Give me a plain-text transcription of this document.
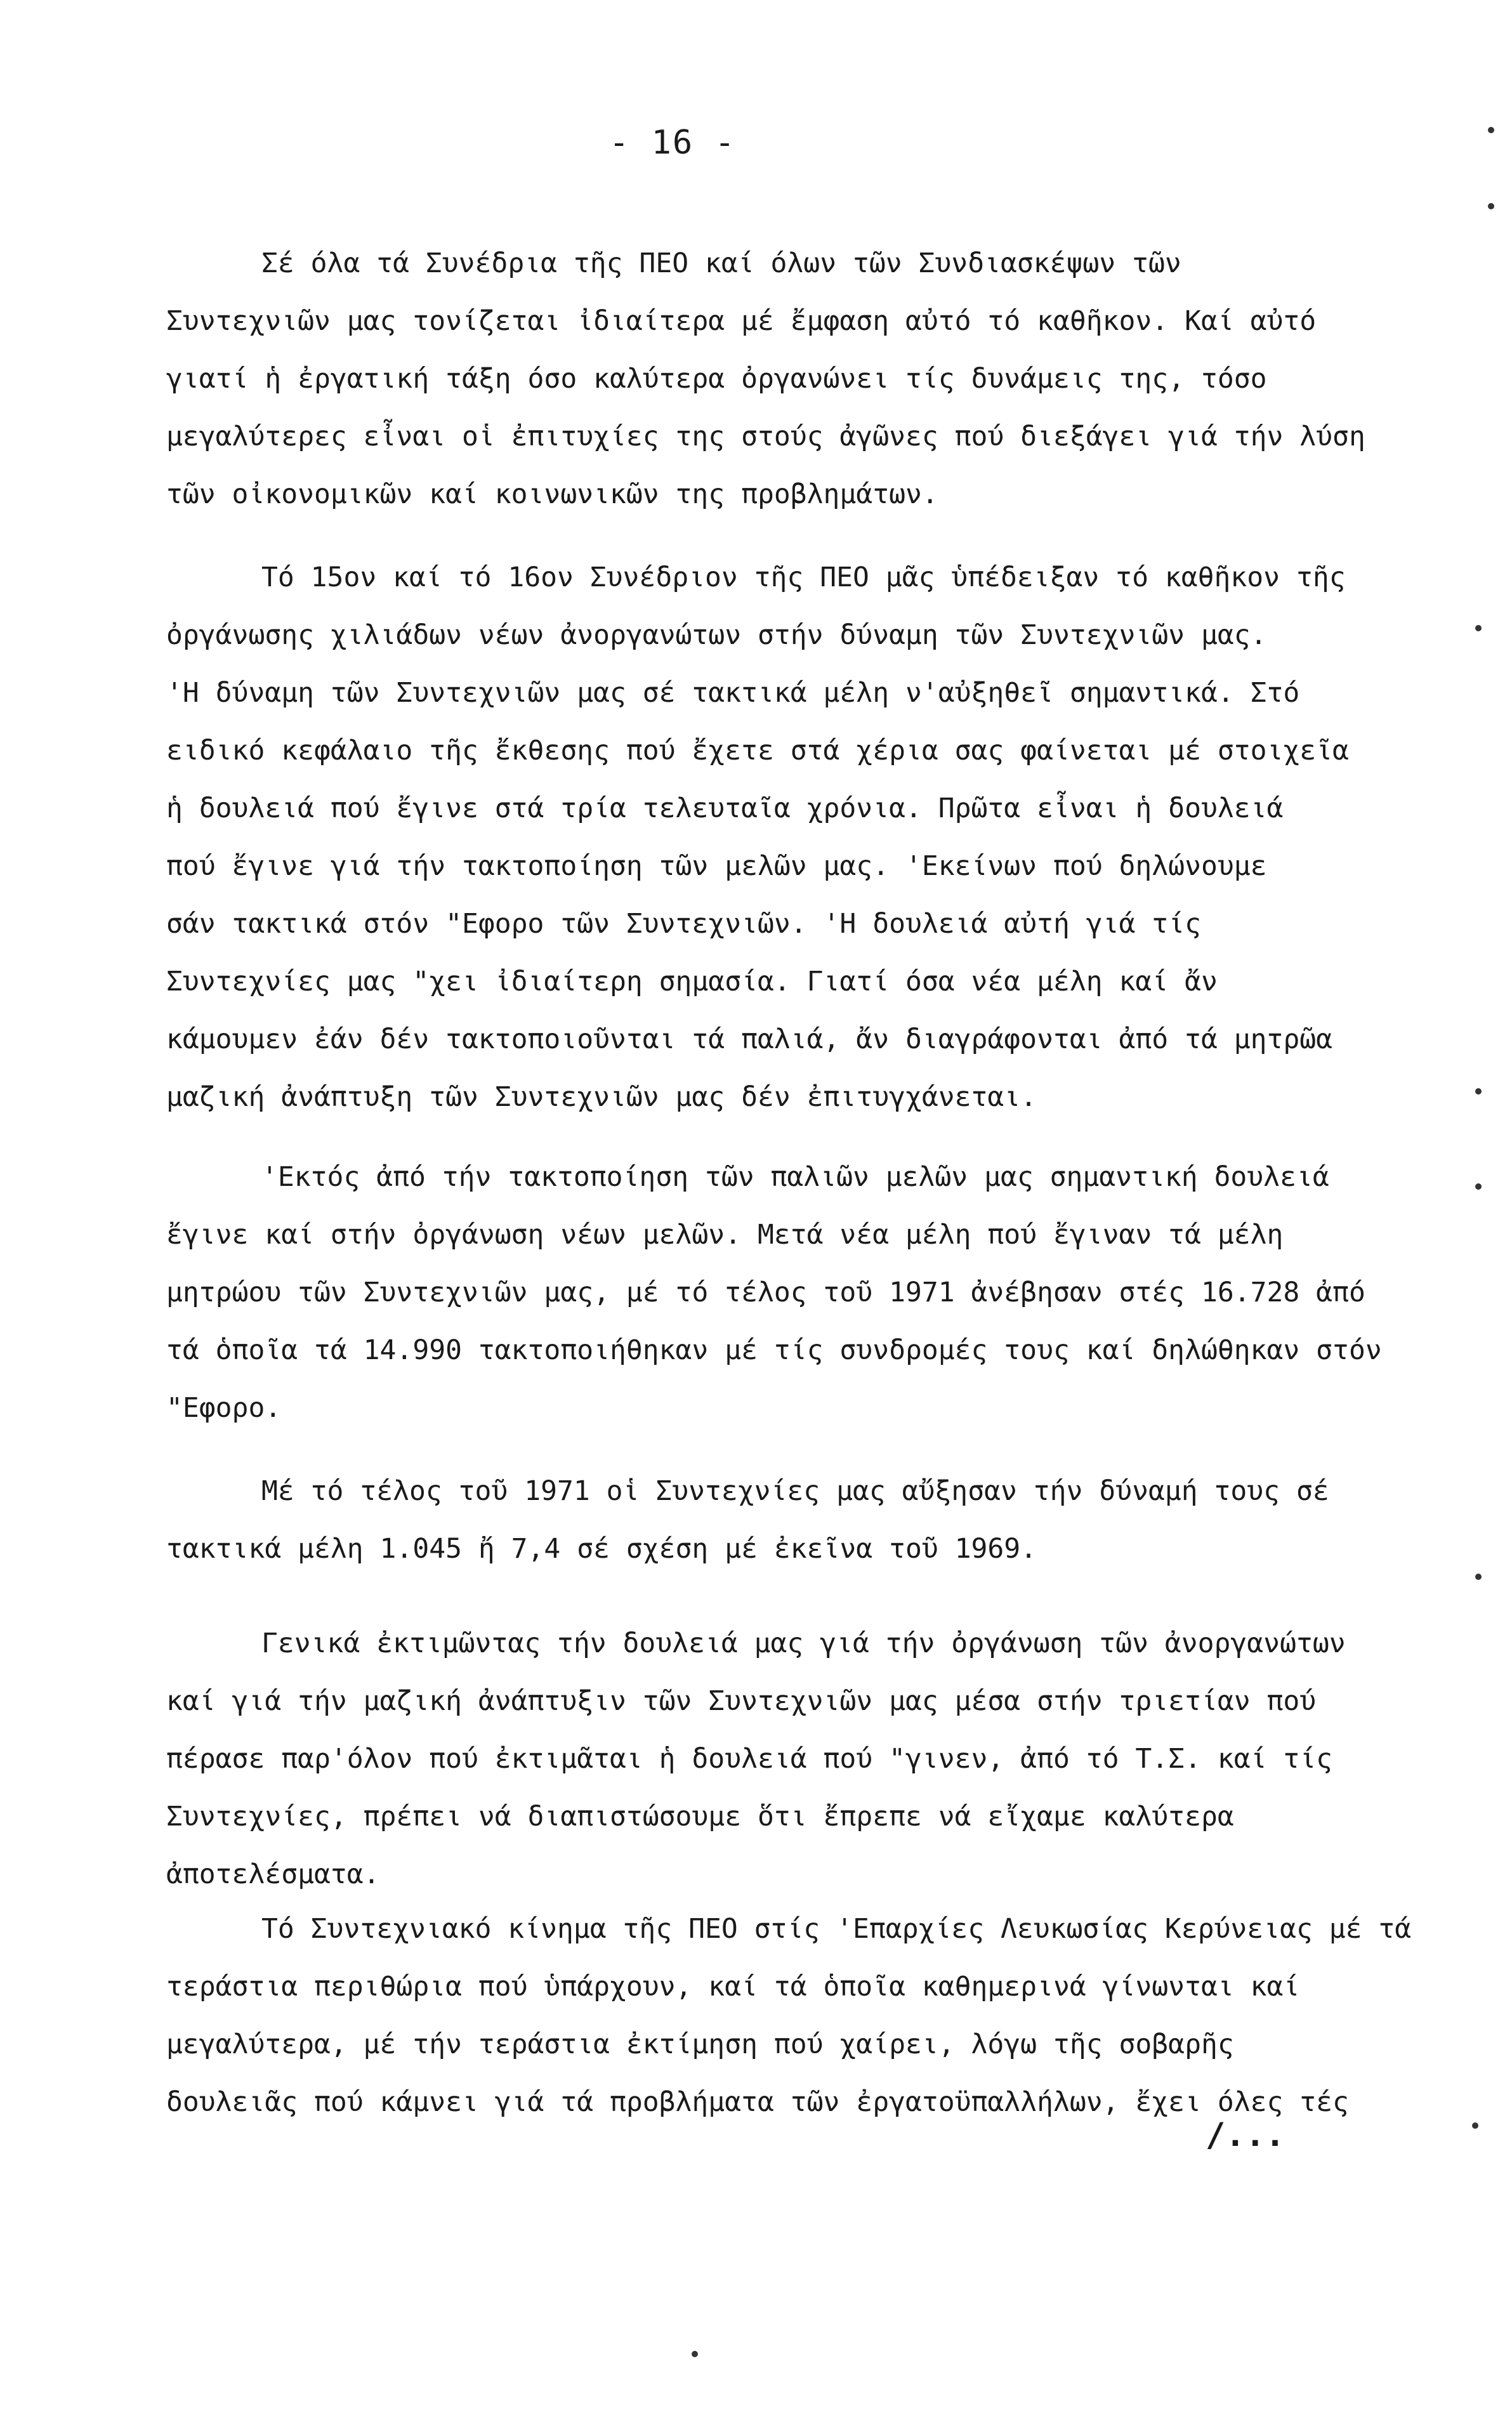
- 16 -
Σέ όλα τά Συνέδρια τῆς ΠΕΟ καί όλων τῶν Συνδιασκέψων τῶν
Συντεχνιῶν μας τονίζεται ἰδιαίτερα μέ ἔμφαση αὐτό τό καθῆκον. Καί αὐτό
γιατί ἡ ἐργατική τάξη όσο καλύτερα ὀργανώνει τίς δυνάμεις της, τόσο
μεγαλύτερες εἶναι οἱ ἐπιτυχίες της στούς ἀγῶνες πού διεξάγει γιά τήν λύση
τῶν οἰκονομικῶν καί κοινωνικῶν της προβλημάτων.
Τό 15ον καί τό 16ον Συνέδριον τῆς ΠΕΟ μᾶς ὑπέδειξαν τό καθῆκον τῆς
ὀργάνωσης χιλιάδων νέων ἀνοργανώτων στήν δύναμη τῶν Συντεχνιῶν μας.
'Η δύναμη τῶν Συντεχνιῶν μας σέ τακτικά μέλη ν'αὐξηθεῖ σημαντικά. Στό
ειδικό κεφάλαιο τῆς ἔκθεσης πού ἔχετε στά χέρια σας φαίνεται μέ στοιχεῖα
ἡ δουλειά πού ἔγινε στά τρία τελευταῖα χρόνια. Πρῶτα εἶναι ἡ δουλειά
πού ἔγινε γιά τήν τακτοποίηση τῶν μελῶν μας. 'Εκείνων πού δηλώνουμε
σάν τακτικά στόν "Εφορο τῶν Συντεχνιῶν. 'Η δουλειά αὐτή γιά τίς
Συντεχνίες μας "χει ἰδιαίτερη σημασία. Γιατί όσα νέα μέλη καί ἄν
κάμουμεν ἐάν δέν τακτοποιοῦνται τά παλιά, ἄν διαγράφονται ἀπό τά μητρῶα
μαζική ἀνάπτυξη τῶν Συντεχνιῶν μας δέν ἐπιτυγχάνεται.
'Εκτός ἀπό τήν τακτοποίηση τῶν παλιῶν μελῶν μας σημαντική δουλειά
ἔγινε καί στήν ὀργάνωση νέων μελῶν. Μετά νέα μέλη πού ἔγιναν τά μέλη
μητρώου τῶν Συντεχνιῶν μας, μέ τό τέλος τοῦ 1971 ἀνέβησαν στές 16.728 ἀπό
τά ὁποῖα τά 14.990 τακτοποιήθηκαν μέ τίς συνδρομές τους καί δηλώθηκαν στόν
"Εφορο.
Μέ τό τέλος τοῦ 1971 οἱ Συντεχνίες μας αὔξησαν τήν δύναμή τους σέ
τακτικά μέλη 1.045 ἤ 7,4 σέ σχέση μέ ἐκεῖνα τοῦ 1969.
Γενικά ἐκτιμῶντας τήν δουλειά μας γιά τήν ὀργάνωση τῶν ἀνοργανώτων
καί γιά τήν μαζική ἀνάπτυξιν τῶν Συντεχνιῶν μας μέσα στήν τριετίαν πού
πέρασε παρ'όλον πού ἐκτιμᾶται ἡ δουλειά πού "γινεν, ἀπό τό Τ.Σ. καί τίς
Συντεχνίες, πρέπει νά διαπιστώσουμε ὅτι ἔπρεπε νά εἴχαμε καλύτερα
ἀποτελέσματα.
Τό Συντεχνιακό κίνημα τῆς ΠΕΟ στίς 'Επαρχίες Λευκωσίας Κερύνειας μέ τά
τεράστια περιθώρια πού ὑπάρχουν, καί τά ὁποῖα καθημερινά γίνωνται καί
μεγαλύτερα, μέ τήν τεράστια ἐκτίμηση πού χαίρει, λόγω τῆς σοβαρῆς
δουλειᾶς πού κάμνει γιά τά προβλήματα τῶν ἐργατοϋπαλλήλων, ἔχει όλες τές
/...
